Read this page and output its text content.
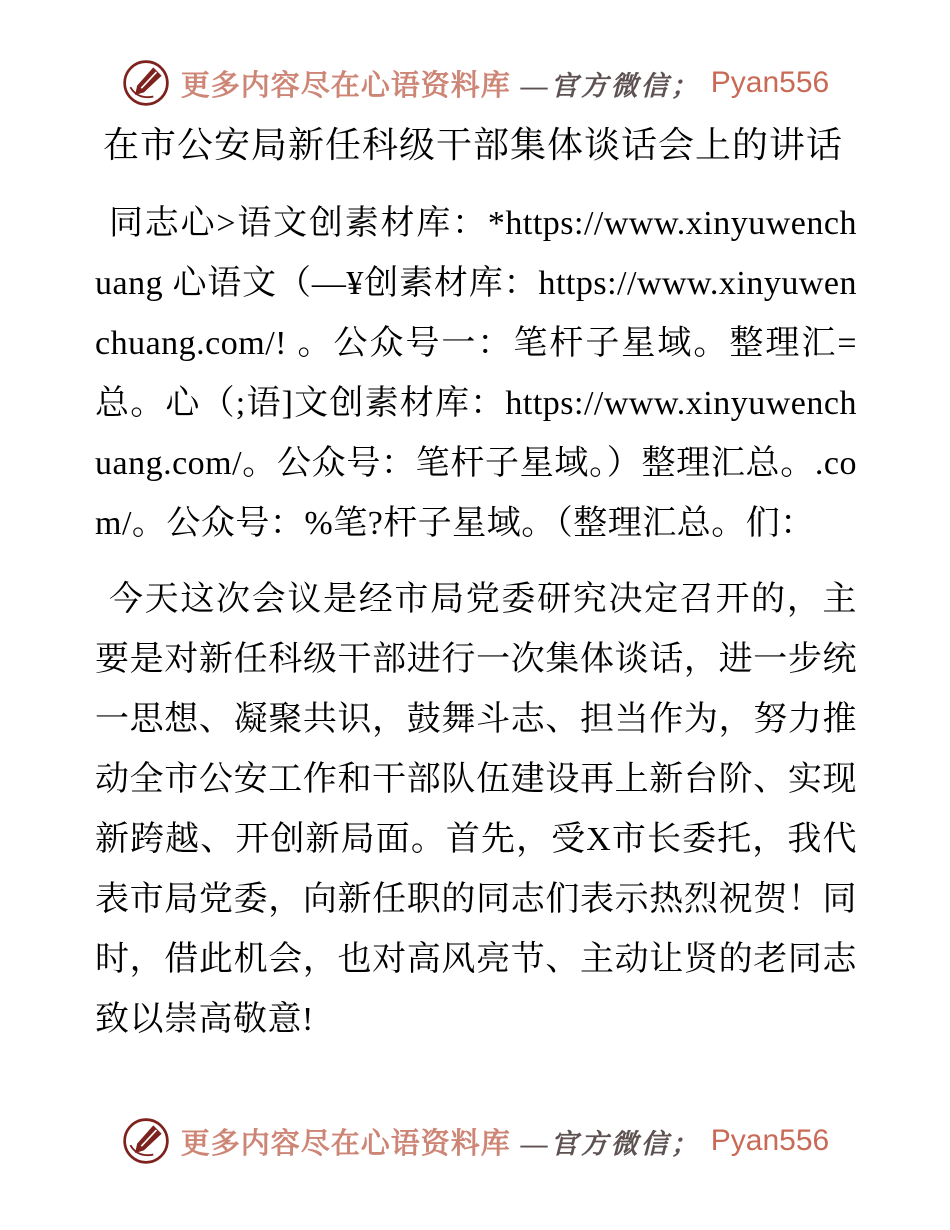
更多内容尽在心语资料库 —官方微信； Pyan556
在市公安局新任科级干部集体谈话会上的讲话

同志心>语文创素材库：*https://www.xinyuwenchuang 心语文（—¥创素材库：https://www.xinyuwenchuang.com/! 。公众号一：笔杆子星域。整理汇=总。心（;语]文创素材库：https://www.xinyuwenchuang.com/。公众号：笔杆子星域。）整理汇总。.com/。公众号：%笔?杆子星域。（整理汇总。们：

今天这次会议是经市局党委研究决定召开的，主要是对新任科级干部进行一次集体谈话，进一步统一思想、凝聚共识，鼓舞斗志、担当作为，努力推动全市公安工作和干部队伍建设再上新台阶、实现新跨越、开创新局面。首先，受X市长委托，我代表市局党委，向新任职的同志们表示热烈祝贺！同时，借此机会，也对高风亮节、主动让贤的老同志致以崇高敬意!

更多内容尽在心语资料库 —官方微信； Pyan556
